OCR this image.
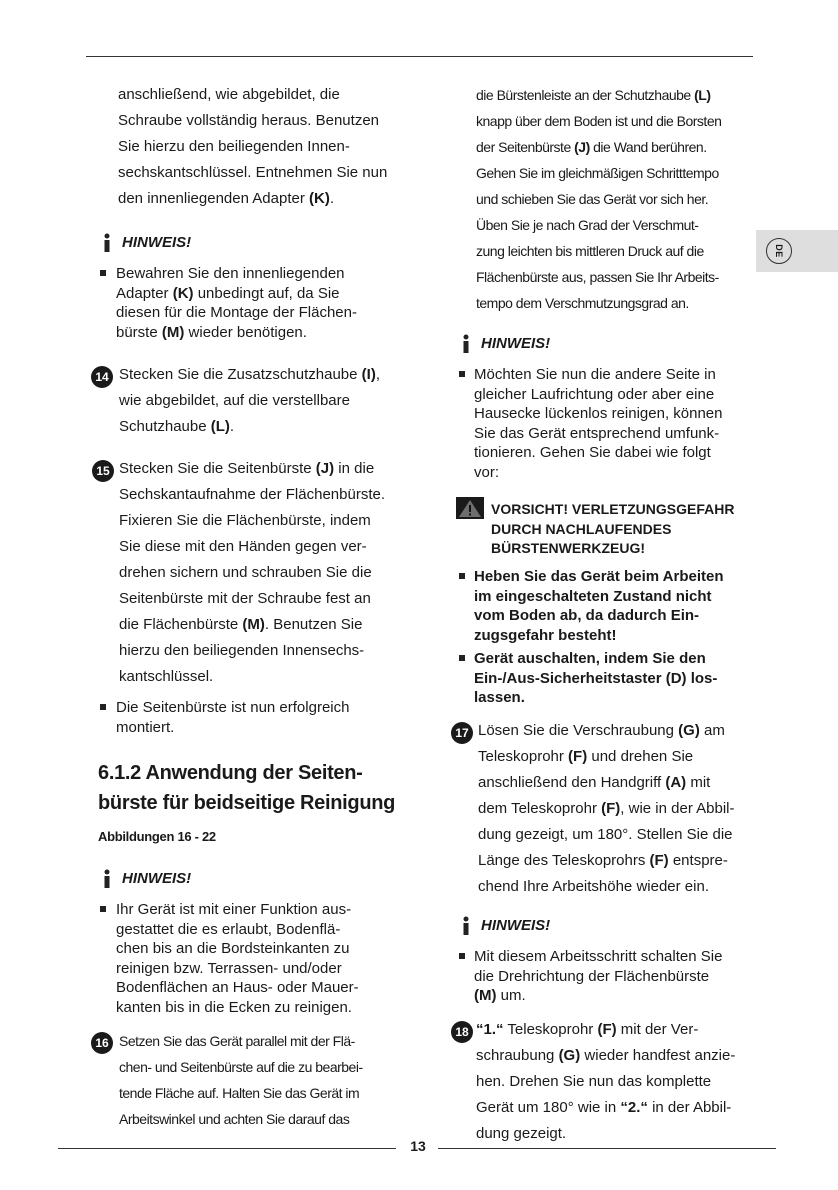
DE
anschließend, wie abgebildet, die
Schraube vollständig heraus. Benutzen
Sie hierzu den beiliegenden Innen-
sechskantschlüssel. Entnehmen Sie nun
den innenliegenden Adapter (K).
HINWEIS!
Bewahren Sie den innenliegenden
Adapter (K) unbedingt auf, da Sie
diesen für die Montage der Flächen-
bürste (M) wieder benötigen.
14 Stecken Sie die Zusatzschutzhaube (I),
wie abgebildet, auf die verstellbare
Schutzhaube (L).
15 Stecken Sie die Seitenbürste (J) in die
Sechskantaufnahme der Flächenbürste.
Fixieren Sie die Flächenbürste, indem
Sie diese mit den Händen gegen ver-
drehen sichern und schrauben Sie die
Seitenbürste mit der Schraube fest an
die Flächenbürste (M). Benutzen Sie
hierzu den beiliegenden Innensechs-
kantschlüssel.
Die Seitenbürste ist nun erfolgreich
montiert.
6.1.2 Anwendung der Seiten-
bürste für beidseitige Reinigung
Abbildungen 16 - 22
HINWEIS!
Ihr Gerät ist mit einer Funktion aus-
gestattet die es erlaubt, Bodenflä-
chen bis an die Bordsteinkanten zu
reinigen bzw. Terrassen- und/oder
Bodenflächen an Haus- oder Mauer-
kanten bis in die Ecken zu reinigen.
16 Setzen Sie das Gerät parallel mit der Flä-
chen- und Seitenbürste auf die zu bearbei-
tende Fläche auf. Halten Sie das Gerät im
Arbeitswinkel und achten Sie darauf das
die Bürstenleiste an der Schutzhaube (L)
knapp über dem Boden ist und die Borsten
der Seitenbürste (J) die Wand berühren.
Gehen Sie im gleichmäßigen Schritttempo
und schieben Sie das Gerät vor sich her.
Üben Sie je nach Grad der Verschmut-
zung leichten bis mittleren Druck auf die
Flächenbürste aus, passen Sie Ihr Arbeits-
tempo dem Verschmutzungsgrad an.
HINWEIS!
Möchten Sie nun die andere Seite in
gleicher Laufrichtung oder aber eine
Hausecke lückenlos reinigen, können
Sie das Gerät entsprechend umfunk-
tionieren. Gehen Sie dabei wie folgt
vor:
VORSICHT! VERLETZUNGSGEFAHR
DURCH NACHLAUFENDES
BÜRSTENWERKZEUG!
Heben Sie das Gerät beim Arbeiten
im eingeschalteten Zustand nicht
vom Boden ab, da dadurch Ein-
zugsgefahr besteht!
Gerät auschalten, indem Sie den
Ein-/Aus-Sicherheitstaster (D) los-
lassen.
17 Lösen Sie die Verschraubung (G) am
Teleskoprohr (F) und drehen Sie
anschließend den Handgriff (A) mit
dem Teleskoprohr (F), wie in der Abbil-
dung gezeigt, um 180°. Stellen Sie die
Länge des Teleskoprohrs (F) entspre-
chend Ihre Arbeitshöhe wieder ein.
HINWEIS!
Mit diesem Arbeitsschritt schalten Sie
die Drehrichtung der Flächenbürste
(M) um.
18 “1.“ Teleskoprohr (F) mit der Ver-
schraubung (G) wieder handfest anzie-
hen. Drehen Sie nun das komplette
Gerät um 180° wie in “2.“ in der Abbil-
dung gezeigt.
13
